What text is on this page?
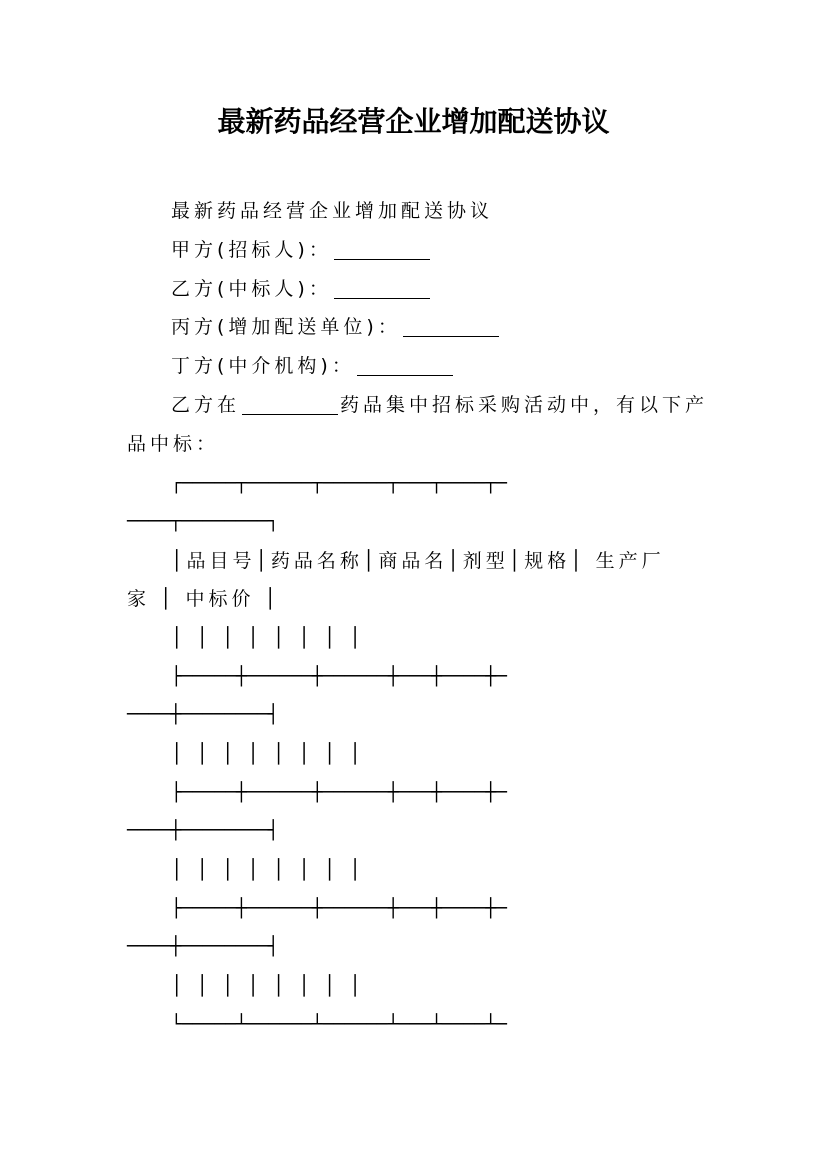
最新药品经营企业增加配送协议
最新药品经营企业增加配送协议
甲方(招标人)：
乙方(中标人)：
丙方(增加配送单位)：
丁方(中介机构)：
乙方在	药品集中招标采购活动中，有以下产
品中标：
┌─────┬──────┬──────┬───┬────┬─
────┬────────┐
│品目号│药品名称│商品名│剂型│规格│ 生产厂
家 │ 中标价 │
│ │ │ │ │ │ │ │
├─────┼──────┼──────┼───┼────┼─
────┼────────┤
│ │ │ │ │ │ │ │
├─────┼──────┼──────┼───┼────┼─
────┼────────┤
│ │ │ │ │ │ │ │
├─────┼──────┼──────┼───┼────┼─
────┼────────┤
│ │ │ │ │ │ │ │
└─────┴──────┴──────┴───┴────┴─
